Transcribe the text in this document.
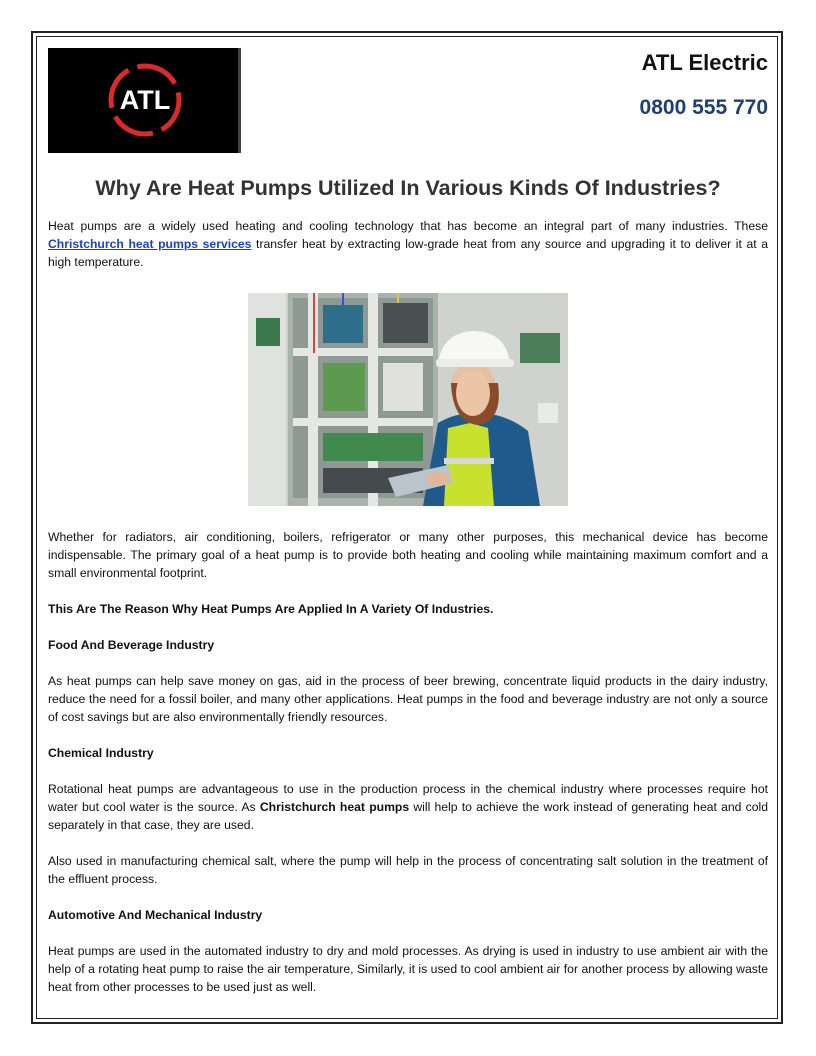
ATL
ATL Electric
0800 555 770
Why Are Heat Pumps Utilized In Various Kinds Of Industries?

Heat pumps are a widely used heating and cooling technology that has become an integral part of many industries. These Christchurch heat pumps services transfer heat by extracting low-grade heat from any source and upgrading it to deliver it at a high temperature.

Whether for radiators, air conditioning, boilers, refrigerator or many other purposes, this mechanical device has become indispensable. The primary goal of a heat pump is to provide both heating and cooling while maintaining maximum comfort and a small environmental footprint.

This Are The Reason Why Heat Pumps Are Applied In A Variety Of Industries.

Food And Beverage Industry

As heat pumps can help save money on gas, aid in the process of beer brewing, concentrate liquid products in the dairy industry, reduce the need for a fossil boiler, and many other applications. Heat pumps in the food and beverage industry are not only a source of cost savings but are also environmentally friendly resources.

Chemical Industry

Rotational heat pumps are advantageous to use in the production process in the chemical industry where processes require hot water but cool water is the source. As Christchurch heat pumps will help to achieve the work instead of generating heat and cold separately in that case, they are used.

Also used in manufacturing chemical salt, where the pump will help in the process of concentrating salt solution in the treatment of the effluent process.

Automotive And Mechanical Industry

Heat pumps are used in the automated industry to dry and mold processes. As drying is used in industry to use ambient air with the help of a rotating heat pump to raise the air temperature, Similarly, it is used to cool ambient air for another process by allowing waste heat from other processes to be used just as well.
